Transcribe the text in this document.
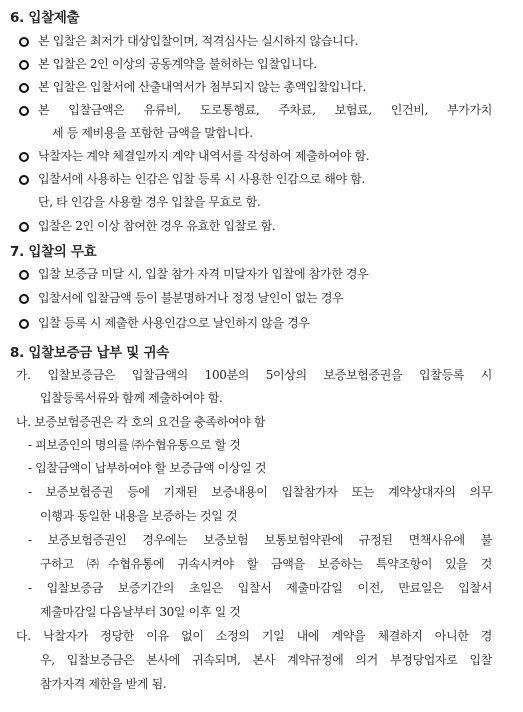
6. 입찰제출
본 입찰은 최저가 대상입찰이며, 적격심사는 실시하지 않습니다.
본 입찰은 2인 이상의 공동계약을 불허하는 입찰입니다.
본 입찰은 입찰서에 산출내역서가 첨부되지 않는 총액입찰입니다.
본 입찰금액은 유류비, 도로통행료, 주차료, 보험료, 인건비, 부가가치
세 등 제비용을 포함한 금액을 말합니다.
낙찰자는 계약 체결일까지 계약 내역서를 작성하여 제출하여야 함.
입찰서에 사용하는 인감은 입찰 등록 시 사용한 인감으로 해야 함.
단, 타 인감을 사용할 경우 입찰을 무효로 함.
입찰은 2인 이상 참여한 경우 유효한 입찰로 함.
7. 입찰의 무효
입찰 보증금 미달 시, 입찰 참가 자격 미달자가 입찰에 참가한 경우
입찰서에 입찰금액 등이 불분명하거나 정정 날인이 없는 경우
입찰 등록 시 제출한 사용인감으로 날인하지 않을 경우
8. 입찰보증금 납부 및 귀속
가. 입찰보증금은 입찰금액의 100분의 5이상의 보증보험증권을 입찰등록 시
입찰등록서류와 함께 제출하여야 함.
나. 보증보험증권은 각 호의 요건을 충족하여야 함
- 피보증인의 명의를 ㈜수협유통으로 할 것
- 입찰금액이 납부하여야 할 보증금액 이상일 것
- 보증보험증권 등에 기재된 보증내용이 입찰참가자 또는 계약상대자의 의무
이행과 동일한 내용을 보증하는 것일 것
- 보증보험증권인 경우에는 보증보험 보통보험약관에 규정된 면책사유에 불
구하고 ㈜수협유통에 귀속시켜야 할 금액을 보증하는 특약조항이 있을 것
- 입찰보증금 보증기간의 초일은 입찰서 제출마감일 이전, 만료일은 입찰서
제출마감일 다음날부터 30일 이후 일 것
다. 낙찰자가 정당한 이유 없이 소정의 기일 내에 계약을 체결하지 아니한 경
우, 입찰보증금은 본사에 귀속되며, 본사 계약규정에 의거 부정당업자로 입찰
참가자격 제한을 받게 됨.
